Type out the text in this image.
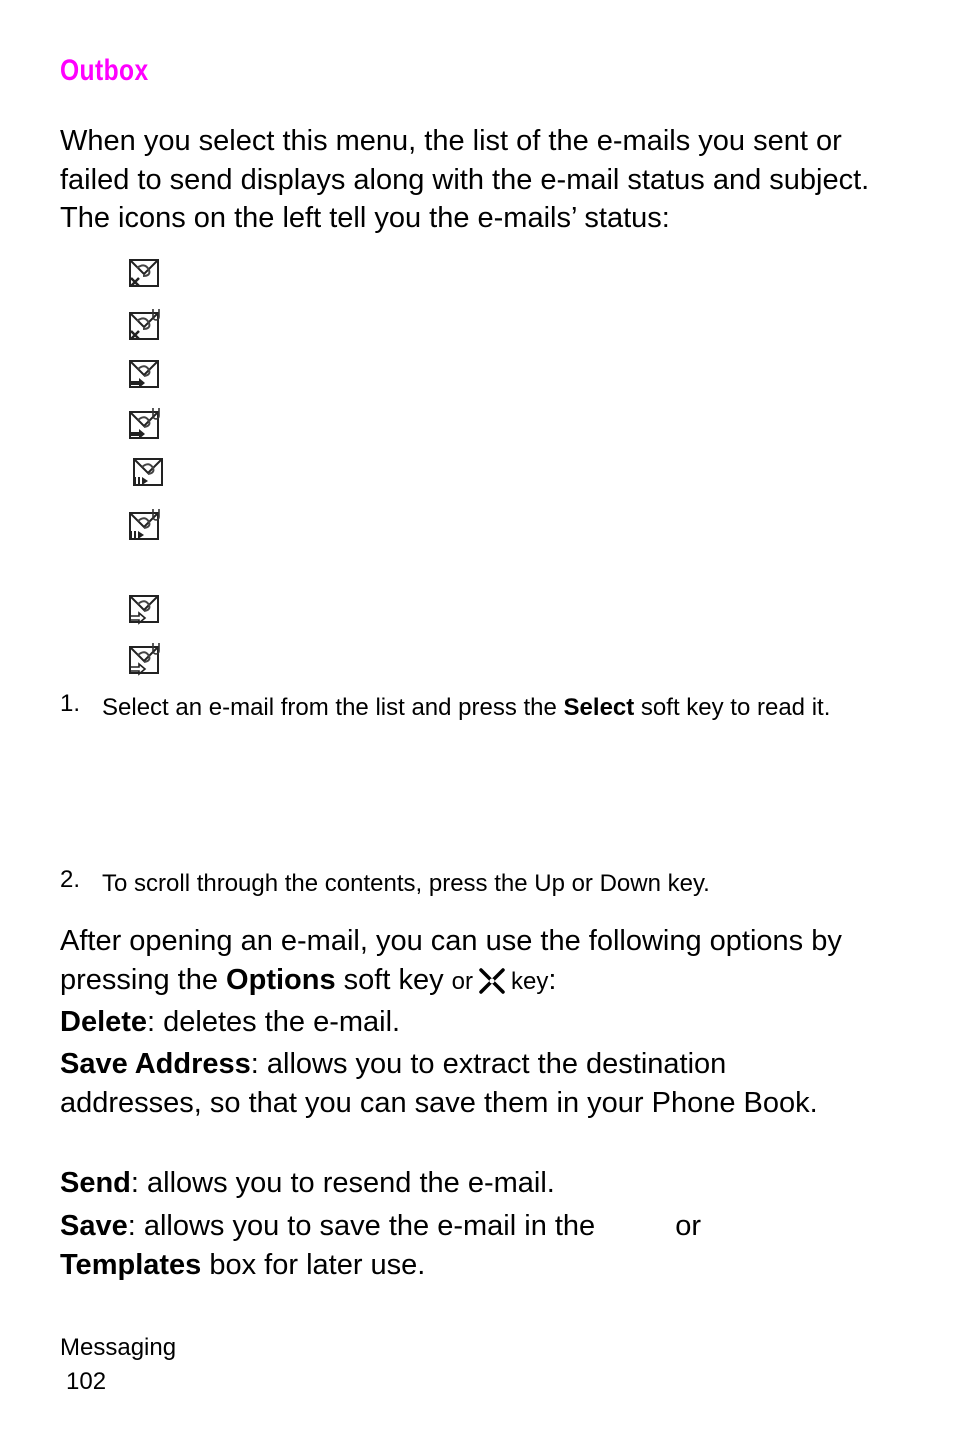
Outbox
When you select this menu, the list of the e-mails you sent or failed to send displays along with the e-mail status and subject. The icons on the left tell you the e-mails’ status:
1. Select an e-mail from the list and press the Select soft key to read it.
2. To scroll through the contents, press the Up or Down key.
After opening an e-mail, you can use the following options by pressing the Options soft key or key:
Delete: deletes the e-mail.
Save Address: allows you to extract the destination addresses, so that you can save them in your Phone Book.
Send: allows you to resend the e-mail.
Save: allows you to save the e-mail in the	or
Templates box for later use.
Messaging
102
